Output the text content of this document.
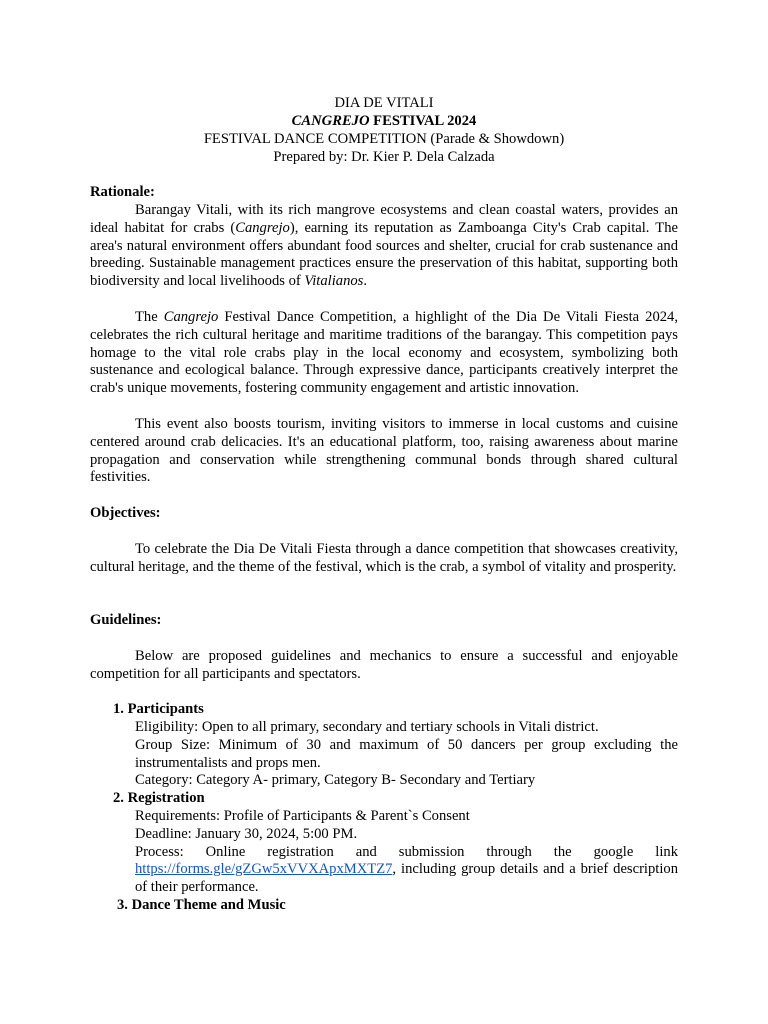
DIA DE VITALI
CANGREJO FESTIVAL 2024
FESTIVAL DANCE COMPETITION (Parade & Showdown)
Prepared by: Dr. Kier P. Dela Calzada
Rationale:
Barangay Vitali, with its rich mangrove ecosystems and clean coastal waters, provides an ideal habitat for crabs (Cangrejo), earning its reputation as Zamboanga City's Crab capital. The area's natural environment offers abundant food sources and shelter, crucial for crab sustenance and breeding. Sustainable management practices ensure the preservation of this habitat, supporting both biodiversity and local livelihoods of Vitalianos.
The Cangrejo Festival Dance Competition, a highlight of the Dia De Vitali Fiesta 2024, celebrates the rich cultural heritage and maritime traditions of the barangay. This competition pays homage to the vital role crabs play in the local economy and ecosystem, symbolizing both sustenance and ecological balance. Through expressive dance, participants creatively interpret the crab's unique movements, fostering community engagement and artistic innovation.
This event also boosts tourism, inviting visitors to immerse in local customs and cuisine centered around crab delicacies. It's an educational platform, too, raising awareness about marine propagation and conservation while strengthening communal bonds through shared cultural festivities.
Objectives:
To celebrate the Dia De Vitali Fiesta through a dance competition that showcases creativity, cultural heritage, and the theme of the festival, which is the crab, a symbol of vitality and prosperity.
Guidelines:
Below are proposed guidelines and mechanics to ensure a successful and enjoyable competition for all participants and spectators.
1. Participants
Eligibility: Open to all primary, secondary and tertiary schools in Vitali district.
Group Size: Minimum of 30 and maximum of 50 dancers per group excluding the instrumentalists and props men.
Category: Category A- primary, Category B- Secondary and Tertiary
2. Registration
Requirements: Profile of Participants & Parent`s Consent
Deadline: January 30, 2024, 5:00 PM.
Process: Online registration and submission through the google link https://forms.gle/gZGw5xVVXApxMXTZ7, including group details and a brief description of their performance.
3. Dance Theme and Music
